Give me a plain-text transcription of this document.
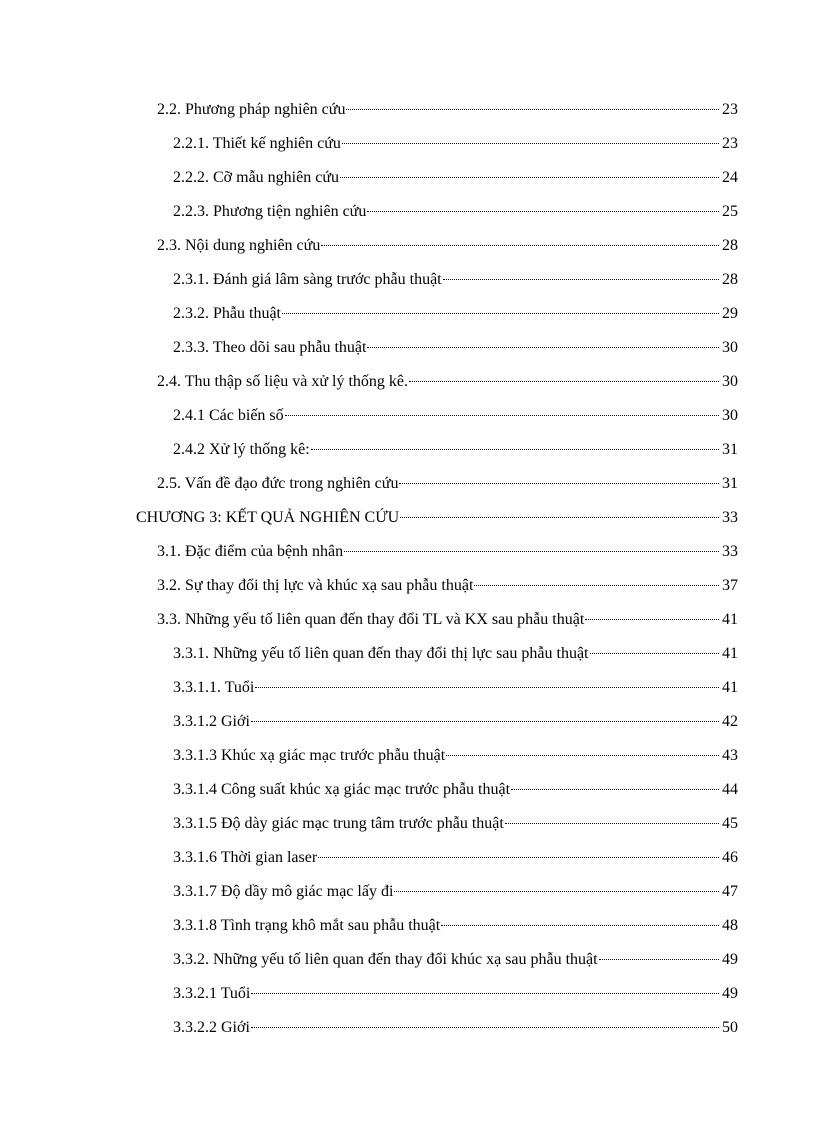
2.2. Phương pháp nghiên cứu	23
2.2.1. Thiết kế nghiên cứu	23
2.2.2. Cỡ mẫu nghiên cứu	24
2.2.3. Phương tiện nghiên cứu	25
2.3. Nội dung nghiên cứu	28
2.3.1. Đánh giá lâm sàng trước phẫu thuật	28
2.3.2. Phẫu thuật	29
2.3.3. Theo dõi sau phẫu thuật	30
2.4. Thu thập số liệu và xử lý thống kê.	30
2.4.1 Các biến số	30
2.4.2 Xử lý thống kê:	31
2.5. Vấn đề đạo đức trong nghiên cứu	31
CHƯƠNG 3: KẾT QUẢ NGHIÊN CỨU	33
3.1. Đặc điểm của bệnh nhân	33
3.2. Sự thay đổi thị lực và khúc xạ sau phẫu thuật	37
3.3. Những yếu tố liên quan đến thay đổi TL và KX sau phẫu thuật	41
3.3.1. Những yếu tố liên quan đến thay đổi thị lực sau phẫu thuật	41
3.3.1.1. Tuổi	41
3.3.1.2 Giới	42
3.3.1.3 Khúc xạ giác mạc trước phẫu thuật	43
3.3.1.4 Công suất khúc xạ giác mạc trước phẫu thuật	44
3.3.1.5 Độ dày giác mạc trung tâm trước phẫu thuật	45
3.3.1.6 Thời gian laser	46
3.3.1.7 Độ dầy mô giác mạc lấy đi	47
3.3.1.8 Tình trạng khô mắt sau phẫu thuật	48
3.3.2. Những yếu tố liên quan đến thay đổi khúc xạ sau phẫu thuật	49
3.3.2.1 Tuổi	49
3.3.2.2 Giới	50
